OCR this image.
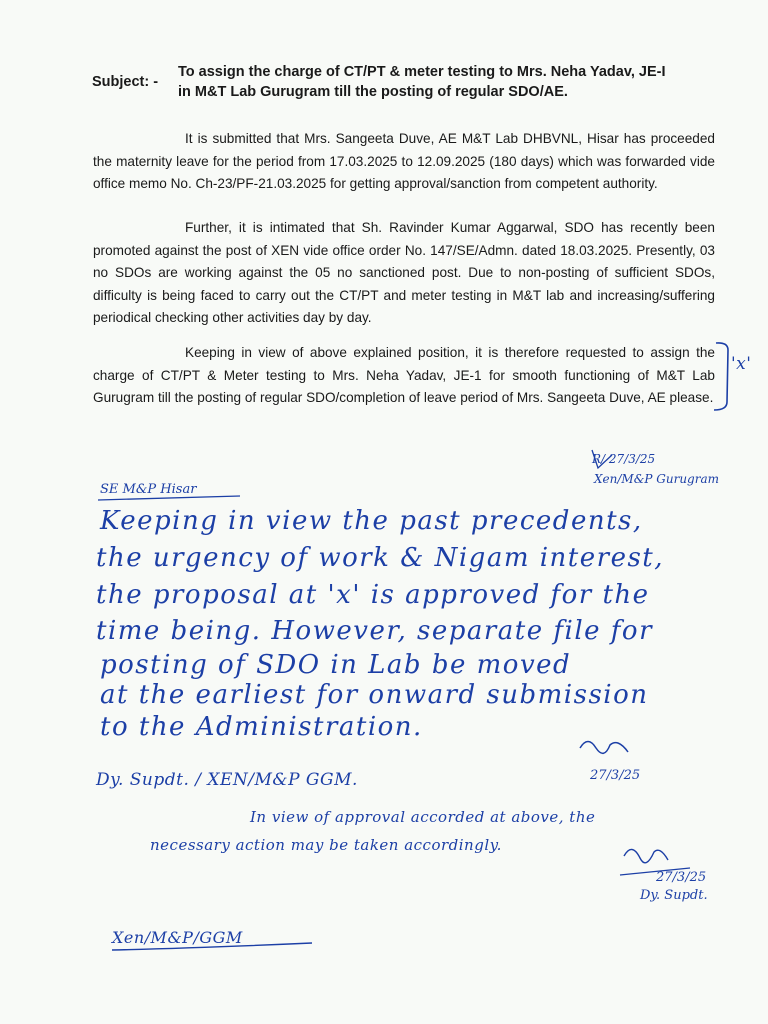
Subject: -
To assign the charge of CT/PT & meter testing to Mrs. Neha Yadav, JE-I
in M&T Lab Gurugram till the posting of regular SDO/AE.
It is submitted that Mrs. Sangeeta Duve, AE M&T Lab DHBVNL, Hisar has proceeded the maternity leave for the period from 17.03.2025 to 12.09.2025 (180 days) which was forwarded vide office memo No. Ch-23/PF-21.03.2025 for getting approval/sanction from competent authority.
Further, it is intimated that Sh. Ravinder Kumar Aggarwal, SDO has recently been promoted against the post of XEN vide office order No. 147/SE/Admn. dated 18.03.2025. Presently, 03 no SDOs are working against the 05 no sanctioned post. Due to non-posting of sufficient SDOs, difficulty is being faced to carry out the CT/PT and meter testing in M&T lab and increasing/suffering periodical checking other activities day by day.
Keeping in view of above explained position, it is therefore requested to assign the charge of CT/PT & Meter testing to Mrs. Neha Yadav, JE-1 for smooth functioning of M&T Lab Gurugram till the posting of regular SDO/completion of leave period of Mrs. Sangeeta Duve, AE please.
'x'
R/ 27/3/25
Xen/M&P Gurugram
SE M&P Hisar
Keeping in view the past precedents,
the urgency of work & Nigam interest,
the proposal at 'x' is approved for the
time being. However, separate file for
posting of SDO in Lab be moved
at the earliest for onward submission
to the Administration.
Dy. Supdt. / XEN/M&P GGM.	27/3/25
In view of approval accorded at above, the
necessary action may be taken accordingly.
27/3/25
Dy. Supdt.
Xen/M&P/GGM
